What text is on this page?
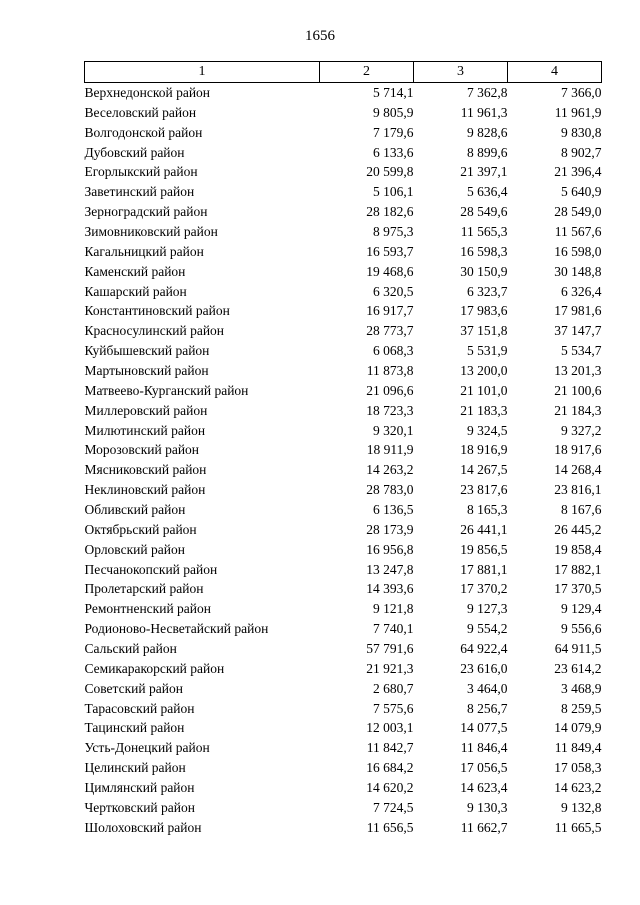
1656
1	2	3	4
Верхнедонской район	5 714,1	7 362,8	7 366,0
Веселовский район	9 805,9	11 961,3	11 961,9
Волгодонской район	7 179,6	9 828,6	9 830,8
Дубовский район	6 133,6	8 899,6	8 902,7
Егорлыкский район	20 599,8	21 397,1	21 396,4
Заветинский район	5 106,1	5 636,4	5 640,9
Зерноградский район	28 182,6	28 549,6	28 549,0
Зимовниковский район	8 975,3	11 565,3	11 567,6
Кагальницкий район	16 593,7	16 598,3	16 598,0
Каменский район	19 468,6	30 150,9	30 148,8
Кашарский район	6 320,5	6 323,7	6 326,4
Константиновский район	16 917,7	17 983,6	17 981,6
Красносулинский район	28 773,7	37 151,8	37 147,7
Куйбышевский район	6 068,3	5 531,9	5 534,7
Мартыновский район	11 873,8	13 200,0	13 201,3
Матвеево-Курганский район	21 096,6	21 101,0	21 100,6
Миллеровский район	18 723,3	21 183,3	21 184,3
Милютинский район	9 320,1	9 324,5	9 327,2
Морозовский район	18 911,9	18 916,9	18 917,6
Мясниковский район	14 263,2	14 267,5	14 268,4
Неклиновский район	28 783,0	23 817,6	23 816,1
Обливский район	6 136,5	8 165,3	8 167,6
Октябрьский район	28 173,9	26 441,1	26 445,2
Орловский район	16 956,8	19 856,5	19 858,4
Песчанокопский район	13 247,8	17 881,1	17 882,1
Пролетарский район	14 393,6	17 370,2	17 370,5
Ремонтненский район	9 121,8	9 127,3	9 129,4
Родионово-Несветайский район	7 740,1	9 554,2	9 556,6
Сальский район	57 791,6	64 922,4	64 911,5
Семикаракорский район	21 921,3	23 616,0	23 614,2
Советский район	2 680,7	3 464,0	3 468,9
Тарасовский район	7 575,6	8 256,7	8 259,5
Тацинский район	12 003,1	14 077,5	14 079,9
Усть-Донецкий район	11 842,7	11 846,4	11 849,4
Целинский район	16 684,2	17 056,5	17 058,3
Цимлянский район	14 620,2	14 623,4	14 623,2
Чертковский район	7 724,5	9 130,3	9 132,8
Шолоховский район	11 656,5	11 662,7	11 665,5
